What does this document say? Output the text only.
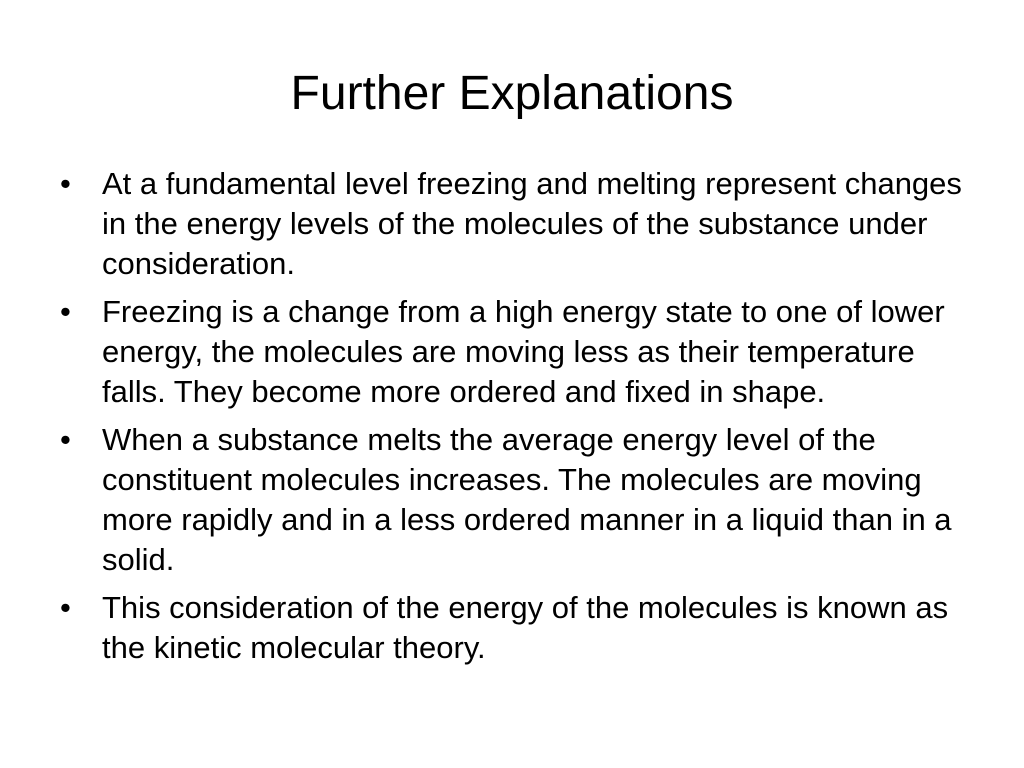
Further Explanations
• At a fundamental level freezing and melting represent changes in the energy levels of the molecules of the substance under consideration.
• Freezing is a change from a high energy state to one of lower energy, the molecules are moving less as their temperature falls. They become more ordered and fixed in shape.
• When a substance melts the average energy level of the constituent molecules increases. The molecules are moving more rapidly and in a less ordered manner in a liquid than in a solid.
• This consideration of the energy of the molecules is known as the kinetic molecular theory.
